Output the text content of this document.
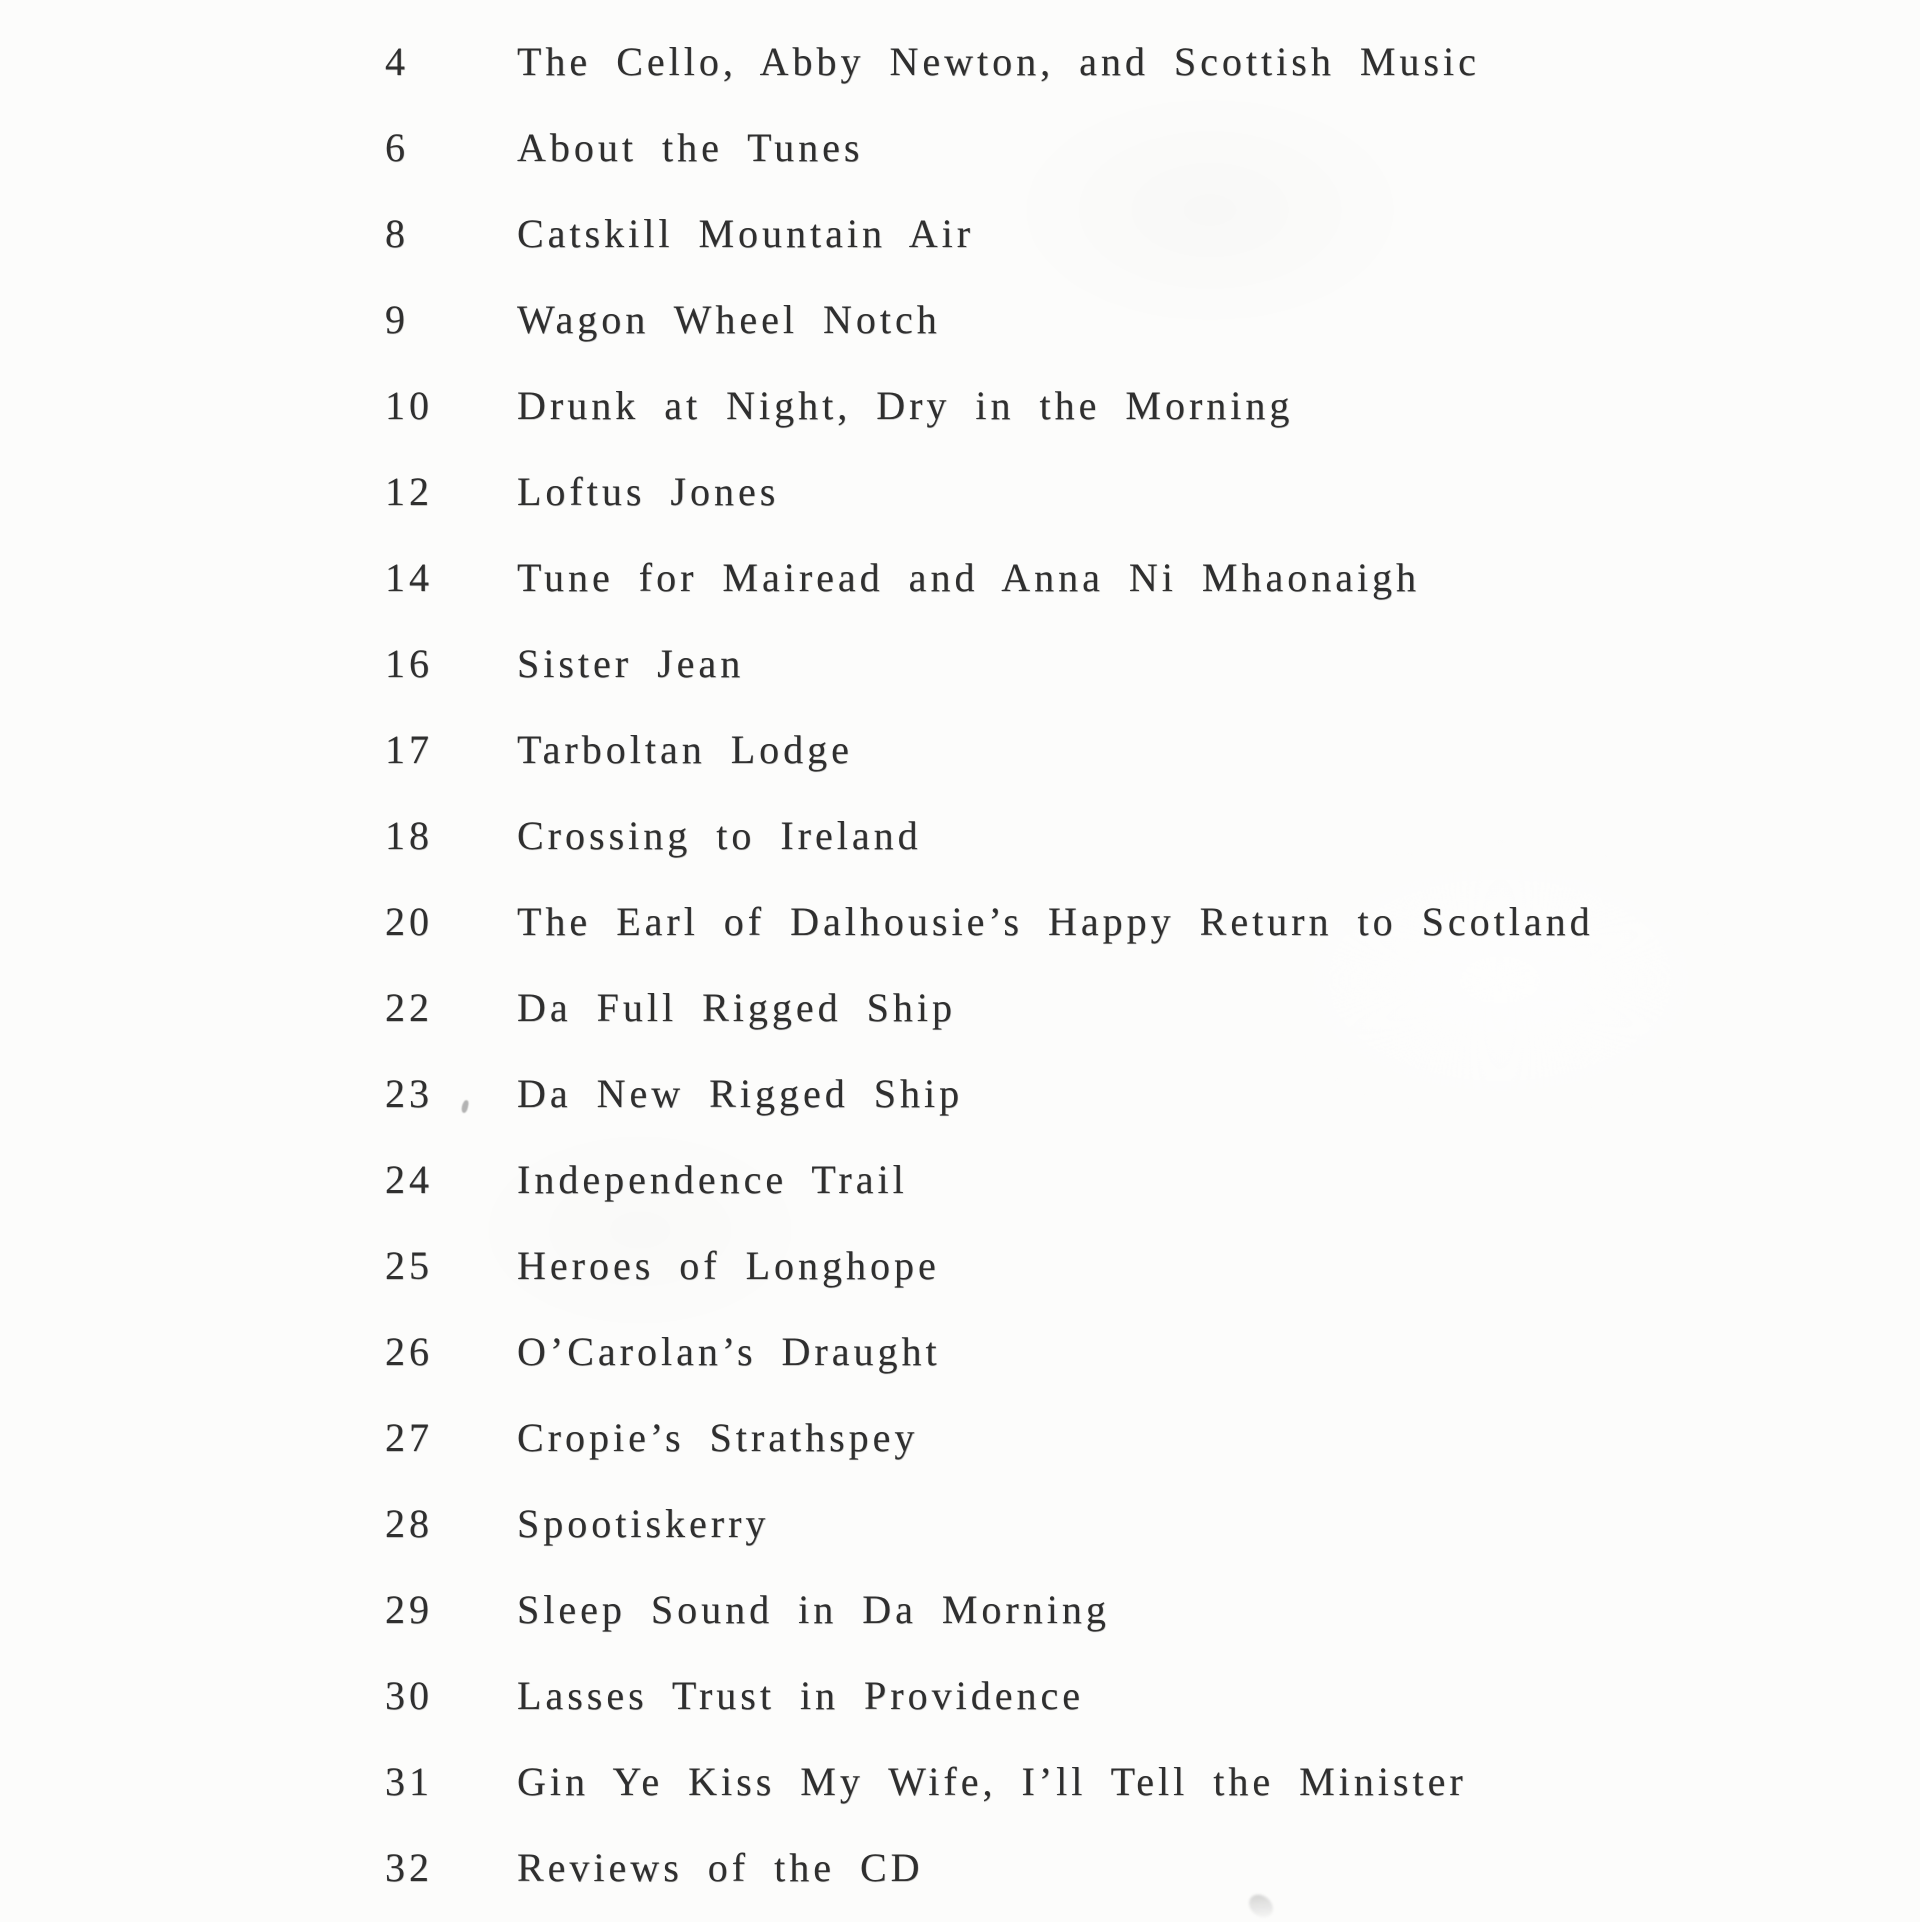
4	The Cello, Abby Newton, and Scottish Music
6	About the Tunes
8	Catskill Mountain Air
9	Wagon Wheel Notch
10	Drunk at Night, Dry in the Morning
12	Loftus Jones
14	Tune for Mairead and Anna Ni Mhaonaigh
16	Sister Jean
17	Tarboltan Lodge
18	Crossing to Ireland
20	The Earl of Dalhousie’s Happy Return to Scotland
22	Da Full Rigged Ship
23	Da New Rigged Ship
24	Independence Trail
25	Heroes of Longhope
26	O’Carolan’s Draught
27	Cropie’s Strathspey
28	Spootiskerry
29	Sleep Sound in Da Morning
30	Lasses Trust in Providence
31	Gin Ye Kiss My Wife, I’ll Tell the Minister
32	Reviews of the CD
